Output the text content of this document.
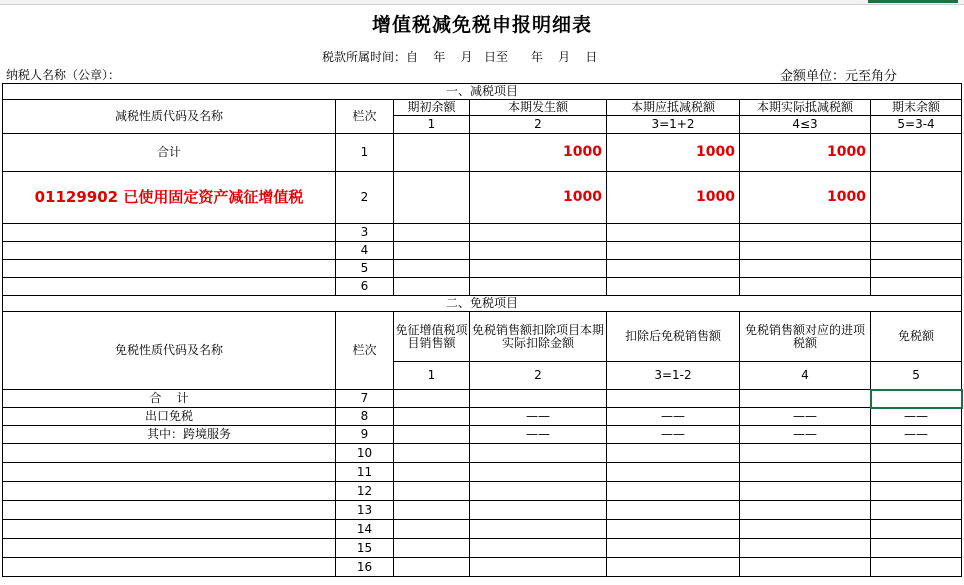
增值税减免税申报明细表
税款所属时间：自    年    月   日至      年    月    日
纳税人名称（公章）：	金额单位：元至角分
一、减税项目						
减税性质代码及名称	栏次	期初余额	本期发生额	本期应抵减税额	本期实际抵减税额	期末余额
		1	2	3=1+2	4≤3	5=3-4
合计	1		1000	1000	1000	
01129902 已使用固定资产减征增值税	2		1000	1000	1000	
	3					
	4					
	5					
	6					
二、免税项目						
免税性质代码及名称	栏次	免征增值税项目销售额	免税销售额扣除项目本期实际扣除金额	扣除后免税销售额	免税销售额对应的进项税额	免税额
		1	2	3=1-2	4	5
合    计	7					
出口免税	8		——	——	——	——
其中：跨境服务	9		——	——	——	——
	10					
	11					
	12					
	13					
	14					
	15					
	16					
